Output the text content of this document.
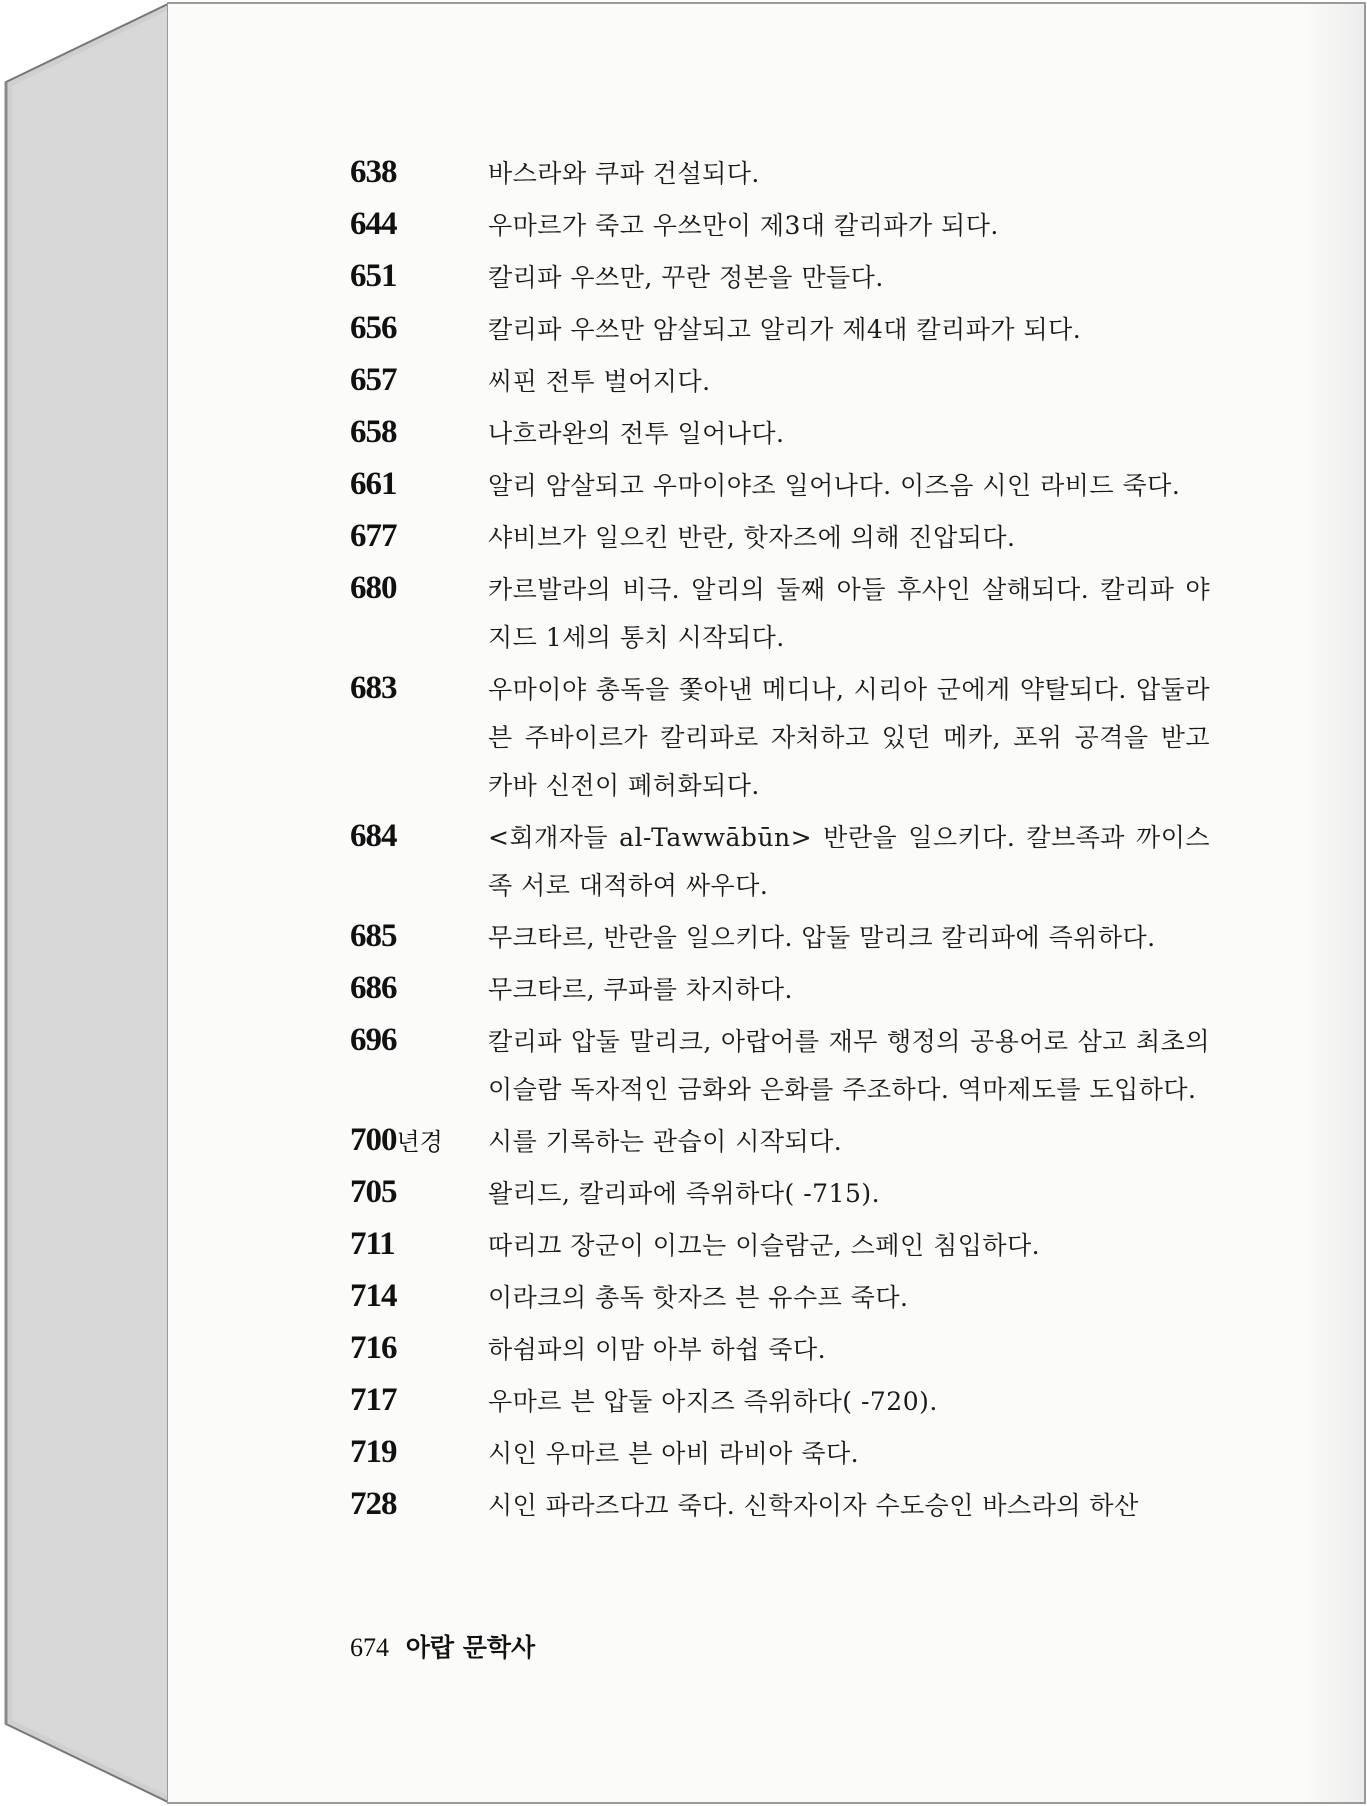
638	바스라와 쿠파 건설되다.
644	우마르가 죽고 우쓰만이 제3대 칼리파가 되다.
651	칼리파 우쓰만, 꾸란 정본을 만들다.
656	칼리파 우쓰만 암살되고 알리가 제4대 칼리파가 되다.
657	씨핀 전투 벌어지다.
658	나흐라완의 전투 일어나다.
661	알리 암살되고 우마이야조 일어나다. 이즈음 시인 라비드 죽다.
677	샤비브가 일으킨 반란, 핫자즈에 의해 진압되다.
680	카르발라의 비극. 알리의 둘째 아들 후사인 살해되다. 칼리파 야지드 1세의 통치 시작되다.
683	우마이야 총독을 쫓아낸 메디나, 시리아 군에게 약탈되다. 압둘라 븐 주바이르가 칼리파로 자처하고 있던 메카, 포위 공격을 받고 카바 신전이 폐허화되다.
684	<회개자들 al-Tawwābūn> 반란을 일으키다. 칼브족과 까이스족 서로 대적하여 싸우다.
685	무크타르, 반란을 일으키다. 압둘 말리크 칼리파에 즉위하다.
686	무크타르, 쿠파를 차지하다.
696	칼리파 압둘 말리크, 아랍어를 재무 행정의 공용어로 삼고 최초의 이슬람 독자적인 금화와 은화를 주조하다. 역마제도를 도입하다.
700년경	시를 기록하는 관습이 시작되다.
705	왈리드, 칼리파에 즉위하다( -715).
711	따리끄 장군이 이끄는 이슬람군, 스페인 침입하다.
714	이라크의 총독 핫자즈 븐 유수프 죽다.
716	하쉼파의 이맘 아부 하쉽 죽다.
717	우마르 븐 압둘 아지즈 즉위하다( -720).
719	시인 우마르 븐 아비 라비아 죽다.
728	시인 파라즈다끄 죽다. 신학자이자 수도승인 바스라의 하산
674 아랍 문학사
